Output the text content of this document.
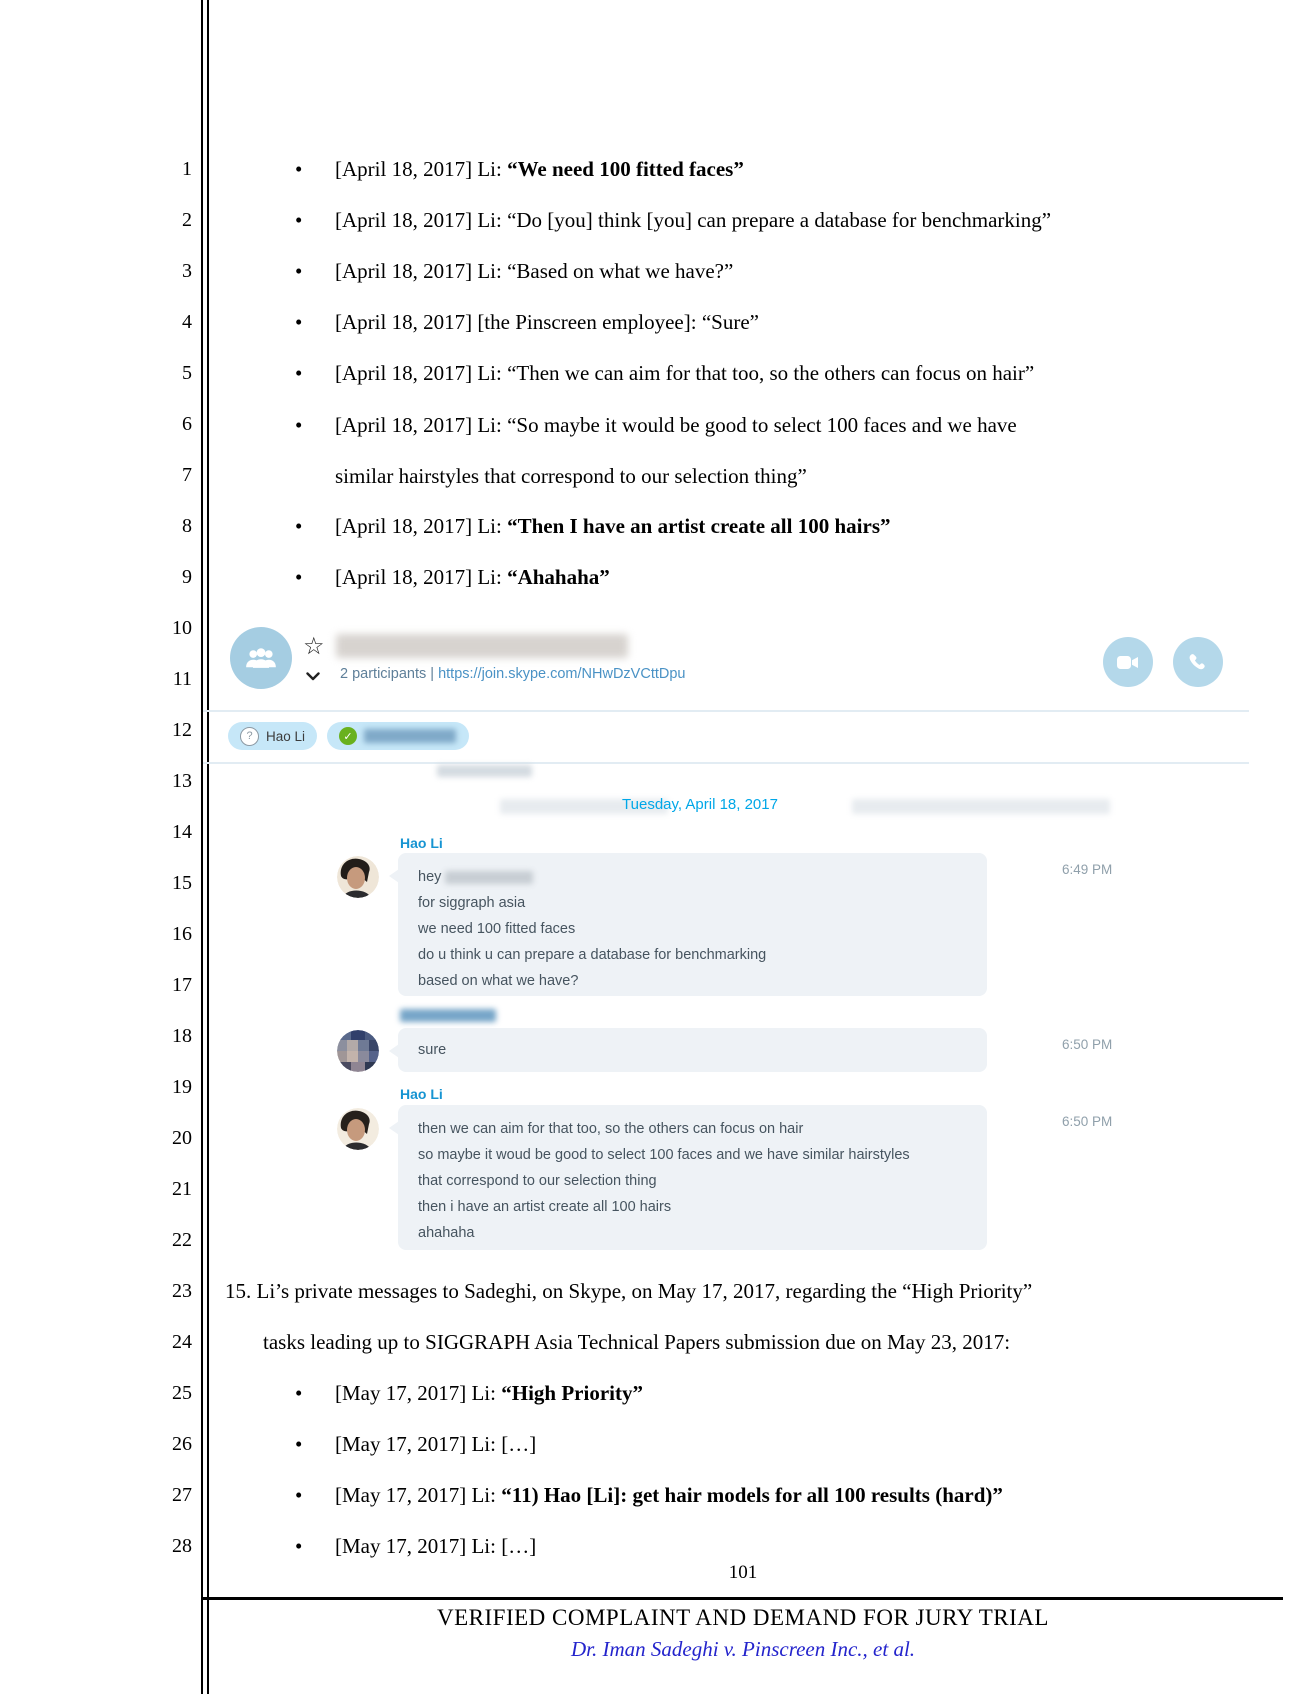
1
2
3
4
5
6
7
8
9
10
11
12
13
14
15
16
17
18
19
20
21
22
23
24
25
26
27
28
• [April 18, 2017] Li: “We need 100 fitted faces”
• [April 18, 2017] Li: “Do [you] think [you] can prepare a database for benchmarking”
• [April 18, 2017] Li: “Based on what we have?”
• [April 18, 2017] [the Pinscreen employee]: “Sure”
• [April 18, 2017] Li: “Then we can aim for that too, so the others can focus on hair”
• [April 18, 2017] Li: “So maybe it would be good to select 100 faces and we have
similar hairstyles that correspond to our selection thing”
• [April 18, 2017] Li: “Then I have an artist create all 100 hairs”
• [April 18, 2017] Li: “Ahahaha”
☆
2 participants | https://join.skype.com/NHwDzVCttDpu
? Hao Li	✓
Tuesday, April 18, 2017
Hao Li
hey
for siggraph asia
we need 100 fitted faces
do u think u can prepare a database for benchmarking
based on what we have?
6:49 PM
sure	6:50 PM
Hao Li
then we can aim for that too, so the others can focus on hair
so maybe it woud be good to select 100 faces and we have similar hairstyles
that correspond to our selection thing
then i have an artist create all 100 hairs
ahahaha
6:50 PM
15. Li’s private messages to Sadeghi, on Skype, on May 17, 2017, regarding the “High Priority”
tasks leading up to SIGGRAPH Asia Technical Papers submission due on May 23, 2017:
• [May 17, 2017] Li: “High Priority”
• [May 17, 2017] Li: […]
• [May 17, 2017] Li: “11) Hao [Li]: get hair models for all 100 results (hard)”
• [May 17, 2017] Li: […]
101
VERIFIED COMPLAINT AND DEMAND FOR JURY TRIAL
Dr. Iman Sadeghi v. Pinscreen Inc., et al.
